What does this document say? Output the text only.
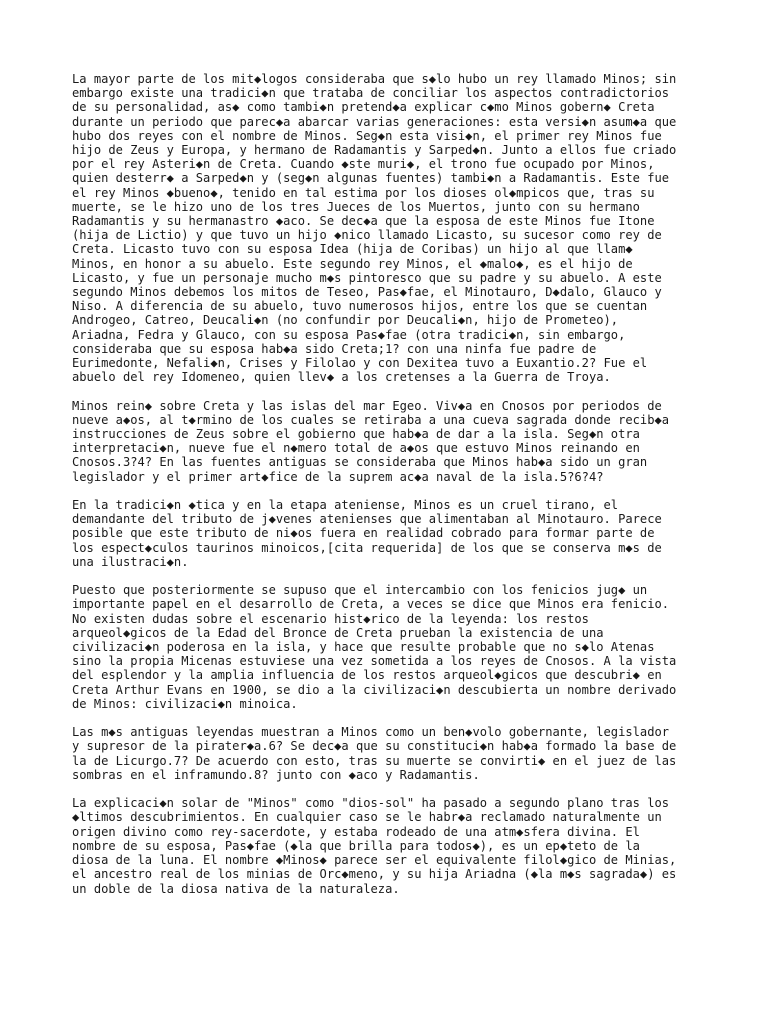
La mayor parte de los mit◆logos consideraba que s◆lo hubo un rey llamado Minos; sin
embargo existe una tradici◆n que trataba de conciliar los aspectos contradictorios
de su personalidad, as◆ como tambi◆n pretend◆a explicar c◆mo Minos gobern◆ Creta
durante un periodo que parec◆a abarcar varias generaciones: esta versi◆n asum◆a que
hubo dos reyes con el nombre de Minos. Seg◆n esta visi◆n, el primer rey Minos fue
hijo de Zeus y Europa, y hermano de Radamantis y Sarped◆n. Junto a ellos fue criado
por el rey Asteri◆n de Creta. Cuando ◆ste muri◆, el trono fue ocupado por Minos,
quien desterr◆ a Sarped◆n y (seg◆n algunas fuentes) tambi◆n a Radamantis. Este fue
el rey Minos ◆bueno◆, tenido en tal estima por los dioses ol◆mpicos que, tras su
muerte, se le hizo uno de los tres Jueces de los Muertos, junto con su hermano
Radamantis y su hermanastro ◆aco. Se dec◆a que la esposa de este Minos fue Itone
(hija de Lictio) y que tuvo un hijo ◆nico llamado Licasto, su sucesor como rey de
Creta. Licasto tuvo con su esposa Idea (hija de Coribas) un hijo al que llam◆
Minos, en honor a su abuelo. Este segundo rey Minos, el ◆malo◆, es el hijo de
Licasto, y fue un personaje mucho m◆s pintoresco que su padre y su abuelo. A este
segundo Minos debemos los mitos de Teseo, Pas◆fae, el Minotauro, D◆dalo, Glauco y
Niso. A diferencia de su abuelo, tuvo numerosos hijos, entre los que se cuentan
Androgeo, Catreo, Deucali◆n (no confundir por Deucali◆n, hijo de Prometeo),
Ariadna, Fedra y Glauco, con su esposa Pas◆fae (otra tradici◆n, sin embargo,
consideraba que su esposa hab◆a sido Creta;1? con una ninfa fue padre de
Eurimedonte, Nefali◆n, Crises y Filolao y con Dexitea tuvo a Euxantio.2? Fue el
abuelo del rey Idomeneo, quien llev◆ a los cretenses a la Guerra de Troya.

Minos rein◆ sobre Creta y las islas del mar Egeo. Viv◆a en Cnosos por periodos de
nueve a◆os, al t◆rmino de los cuales se retiraba a una cueva sagrada donde recib◆a
instrucciones de Zeus sobre el gobierno que hab◆a de dar a la isla. Seg◆n otra
interpretaci◆n, nueve fue el n◆mero total de a◆os que estuvo Minos reinando en
Cnosos.3?4? En las fuentes antiguas se consideraba que Minos hab◆a sido un gran
legislador y el primer art◆fice de la suprem ac◆a naval de la isla.5?6?4?

En la tradici◆n ◆tica y en la etapa ateniense, Minos es un cruel tirano, el
demandante del tributo de j◆venes atenienses que alimentaban al Minotauro. Parece
posible que este tributo de ni◆os fuera en realidad cobrado para formar parte de
los espect◆culos taurinos minoicos,[cita requerida] de los que se conserva m◆s de
una ilustraci◆n.

Puesto que posteriormente se supuso que el intercambio con los fenicios jug◆ un
importante papel en el desarrollo de Creta, a veces se dice que Minos era fenicio.
No existen dudas sobre el escenario hist◆rico de la leyenda: los restos
arqueol◆gicos de la Edad del Bronce de Creta prueban la existencia de una
civilizaci◆n poderosa en la isla, y hace que resulte probable que no s◆lo Atenas
sino la propia Micenas estuviese una vez sometida a los reyes de Cnosos. A la vista
del esplendor y la amplia influencia de los restos arqueol◆gicos que descubri◆ en
Creta Arthur Evans en 1900, se dio a la civilizaci◆n descubierta un nombre derivado
de Minos: civilizaci◆n minoica.

Las m◆s antiguas leyendas muestran a Minos como un ben◆volo gobernante, legislador
y supresor de la pirater◆a.6? Se dec◆a que su constituci◆n hab◆a formado la base de
la de Licurgo.7? De acuerdo con esto, tras su muerte se convirti◆ en el juez de las
sombras en el inframundo.8? junto con ◆aco y Radamantis.

La explicaci◆n solar de "Minos" como "dios-sol" ha pasado a segundo plano tras los
◆ltimos descubrimientos. En cualquier caso se le habr◆a reclamado naturalmente un
origen divino como rey-sacerdote, y estaba rodeado de una atm◆sfera divina. El
nombre de su esposa, Pas◆fae (◆la que brilla para todos◆), es un ep◆teto de la
diosa de la luna. El nombre ◆Minos◆ parece ser el equivalente filol◆gico de Minias,
el ancestro real de los minias de Orc◆meno, y su hija Ariadna (◆la m◆s sagrada◆) es
un doble de la diosa nativa de la naturaleza.
